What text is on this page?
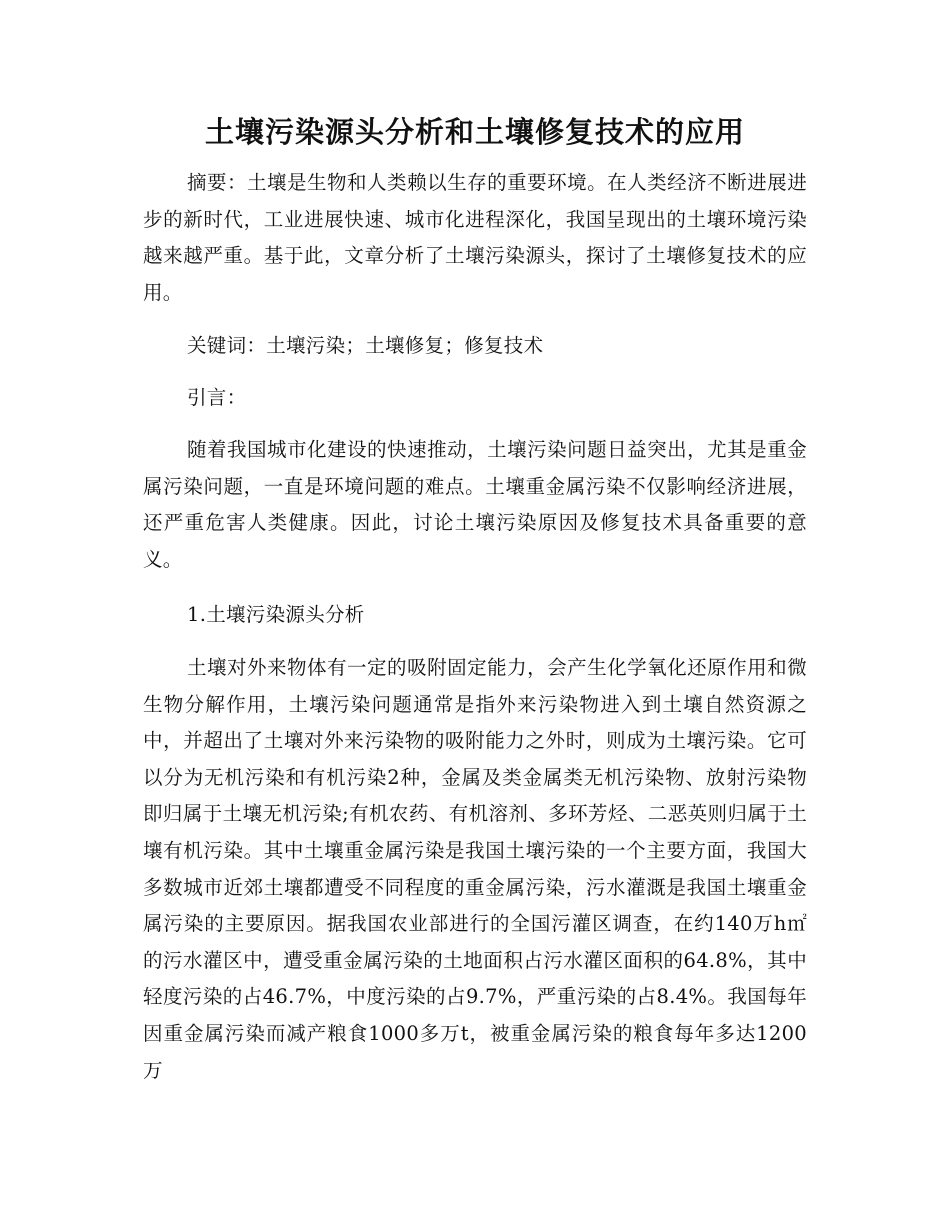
土壤污染源头分析和土壤修复技术的应用

摘要：土壤是生物和人类赖以生存的重要环境。在人类经济不断进展进步的新时代，工业进展快速、城市化进程深化，我国呈现出的土壤环境污染越来越严重。基于此，文章分析了土壤污染源头，探讨了土壤修复技术的应用。

关键词：土壤污染；土壤修复；修复技术

引言：

随着我国城市化建设的快速推动，土壤污染问题日益突出，尤其是重金属污染问题，一直是环境问题的难点。土壤重金属污染不仅影响经济进展，还严重危害人类健康。因此，讨论土壤污染原因及修复技术具备重要的意义。

1.土壤污染源头分析

土壤对外来物体有一定的吸附固定能力，会产生化学氧化还原作用和微生物分解作用，土壤污染问题通常是指外来污染物进入到土壤自然资源之中，并超出了土壤对外来污染物的吸附能力之外时，则成为土壤污染。它可以分为无机污染和有机污染2种，金属及类金属类无机污染物、放射污染物即归属于土壤无机污染;有机农药、有机溶剂、多环芳烃、二恶英则归属于土壤有机污染。其中土壤重金属污染是我国土壤污染的一个主要方面，我国大多数城市近郊土壤都遭受不同程度的重金属污染，污水灌溉是我国土壤重金属污染的主要原因。据我国农业部进行的全国污灌区调查，在约140万h㎡的污水灌区中，遭受重金属污染的土地面积占污水灌区面积的64.8%，其中轻度污染的占46.7%，中度污染的占9.7%，严重污染的占8.4%。我国每年因重金属污染而减产粮食1000多万t，被重金属污染的粮食每年多达1200万
